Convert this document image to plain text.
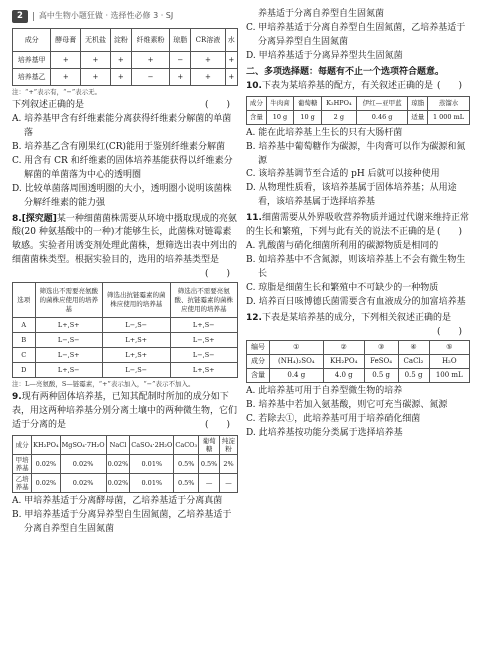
2	高中生物小题狂做 · 选择性必修 3 · SJ
成分	酵母膏	无机盐	淀粉	纤维素粉	琼脂	CR溶液	水
培养基甲	+	+	+	+	−	+	+
培养基乙	+	+	+	−	+	+	+
注：“+”表示有，“−”表示无。

下列叙述正确的是	(　　)

A. 培养基甲含有纤维素能分离获得纤维素分解菌的单菌落

B. 培养基乙含有刚果红(CR)能用于鉴别纤维素分解菌

C. 用含有 CR 和纤维素的固体培养基能获得以纤维素分解菌的单菌落为中心的透明圈

D. 比较单菌落周围透明圈的大小，透明圈小说明该菌株分解纤维素的能力强

8.[探究题]某一种细菌菌株需要从环境中摄取现成的亮氨酸(20 种氨基酸中的一种)才能够生长，此菌株对链霉素敏感。实验者用诱变剂处理此菌株，想筛选出表中列出的细菌菌株类型。根据实验目的，选用的培养基类型是
(　　)

选项	筛选出不需要亮氨酸的菌株应使用的培养基	筛选出抗链霉素的菌株应使用的培养基	筛选出不需要亮氨酸、抗链霉素的菌株应使用的培养基
A	L+,S+	L−,S−	L+,S−
B	L−,S−	L+,S+	L−,S+
C	L−,S+	L+,S+	L−,S−
D	L+,S−	L−,S−	L+,S+
注：L—亮氨酸，S—链霉素，“+”表示加入，“−”表示不加入。

9.现有两种固体培养基，已知其配制时所加的成分如下表，用这两种培养基分别分离土壤中的两种微生物，它们适于分离的是	(　　)

成分	KH₂PO₄	MgSO₄·7H₂O	NaCl	CaSO₄·2H₂O	CaCO₃	葡萄糖	纯淀粉
甲培养基	0.02%	0.02%	0.02%	0.01%	0.5%	0.5%	2%
乙培养基	0.02%	0.02%	0.02%	0.01%	0.5%	—	—

A. 甲培养基适于分离酵母菌，乙培养基适于分离真菌

B. 甲培养基适于分离异养型自生固氮菌，乙培养基适于分离自养型自生固氮菌

养基适于分离自养型自生固氮菌

C. 甲培养基适于分离自养型自生固氮菌，乙培养基适于分离异养型自生固氮菌

D. 甲培养基适于分离异养型共生固氮菌

二、多项选择题：每题有不止一个选项符合题意。

10.下表为某培养基的配方，有关叙述正确的是 (　　)

成分	牛肉膏	葡萄糖	K₂HPO₄	伊红—亚甲蓝	琼脂	蒸馏水
含量	10 g	10 g	2 g	0.46 g	适量	1 000 mL

A. 能在此培养基上生长的只有大肠杆菌

B. 培养基中葡萄糖作为碳源，牛肉膏可以作为碳源和氮源

C. 该培养基调节至合适的 pH 后就可以接种使用

D. 从物理性质看，该培养基属于固体培养基；从用途看，该培养基属于选择培养基

11.细菌需要从外界吸收营养物质并通过代谢来维持正常的生长和繁殖，下列与此有关的说法不正确的是 (　　)

A. 乳酸菌与硝化细菌所利用的碳源物质是相同的

B. 如培养基中不含氮源，则该培养基上不会有微生物生长

C. 琼脂是细菌生长和繁殖中不可缺少的一种物质

D. 培养百日咳博德氏菌需要含有血液成分的加富培养基

12.下表是某培养基的成分，下列相关叙述正确的是
(　　)

编号	①	②	③	④	⑤
成分	(NH₄)₂SO₄	KH₂PO₄	FeSO₄	CaCl₂	H₂O
含量	0.4 g	4.0 g	0.5 g	0.5 g	100 mL

A. 此培养基可用于自养型微生物的培养

B. 培养基中若加入氨基酸，则它可充当碳源、氮源

C. 若除去①，此培养基可用于培养硝化细菌

D. 此培养基按功能分类属于选择培养基
